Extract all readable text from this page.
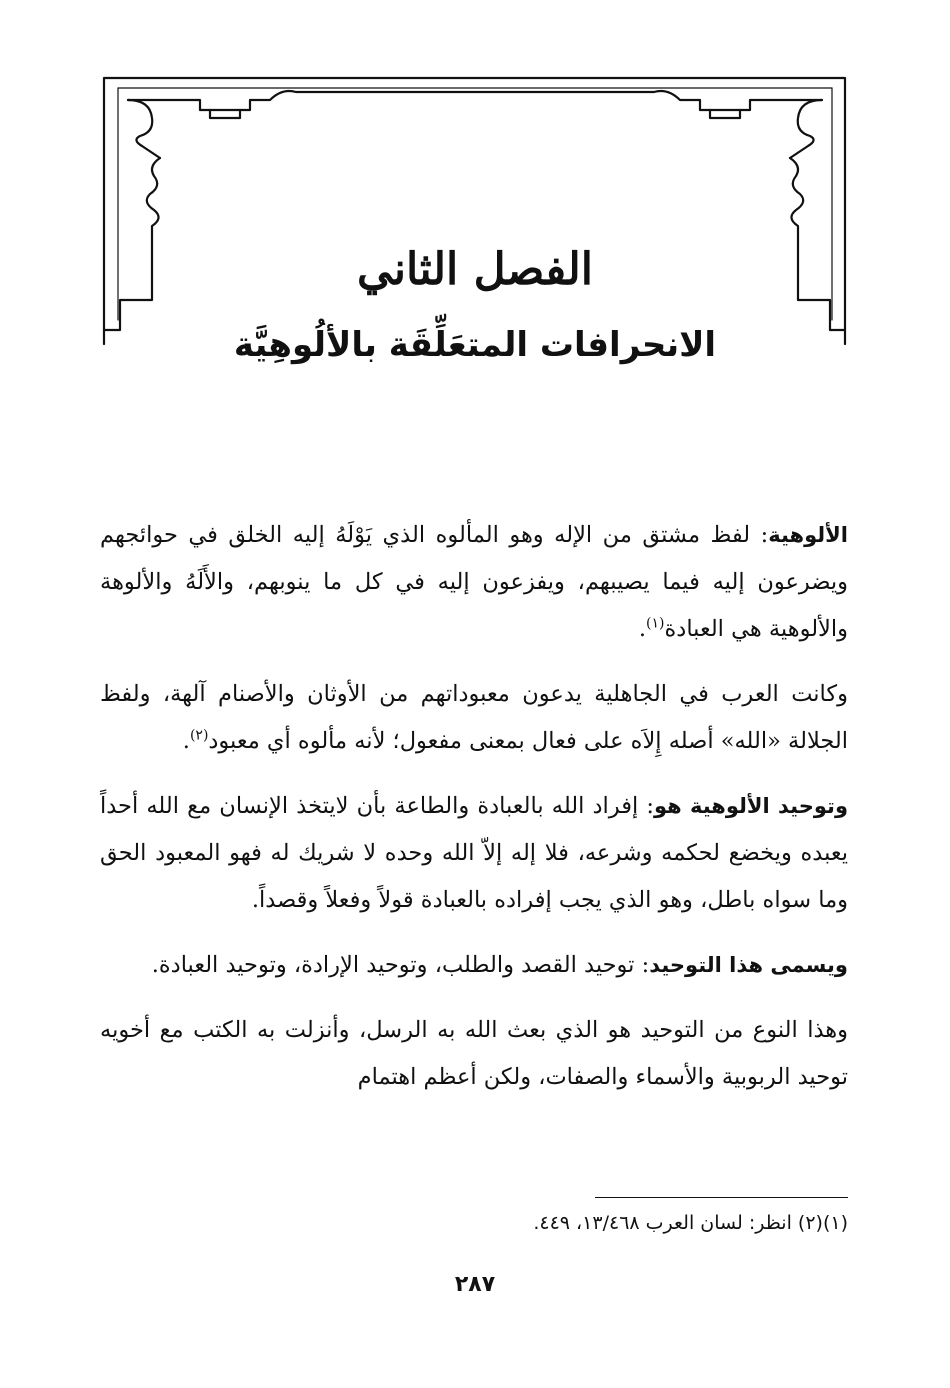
الفصل الثاني
الانحرافات المتعَلِّقَة بالألُوهِيَّة

الألوهية: لفظ مشتق من الإله وهو المألوه الذي يَوْلَهُ إليه الخلق في حوائجهم ويضرعون إليه فيما يصيبهم، ويفزعون إليه في كل ما ينوبهم، والأَلَهُ والألوهة والألوهية هي العبادة$^{(١)}$.

وكانت العرب في الجاهلية يدعون معبوداتهم من الأوثان والأصنام آلهة، ولفظ الجلالة «الله» أصله إِلاَه على فعال بمعنى مفعول؛ لأنه مألوه أي معبود$^{(٢)}$.

وتوحيد الألوهية هو: إفراد الله بالعبادة والطاعة بأن لايتخذ الإنسان مع الله أحداً يعبده ويخضع لحكمه وشرعه، فلا إله إلاّ الله وحده لا شريك له فهو المعبود الحق وما سواه باطل، وهو الذي يجب إفراده بالعبادة قولاً وفعلاً وقصداً.

ويسمى هذا التوحيد: توحيد القصد والطلب، وتوحيد الإرادة، وتوحيد العبادة.

وهذا النوع من التوحيد هو الذي بعث الله به الرسل، وأنزلت به الكتب مع أخويه توحيد الربوبية والأسماء والصفات، ولكن أعظم اهتمام

(١)(٢) انظر: لسان العرب ١٣/٤٦٨، ٤٤٩.
٢٨٧
